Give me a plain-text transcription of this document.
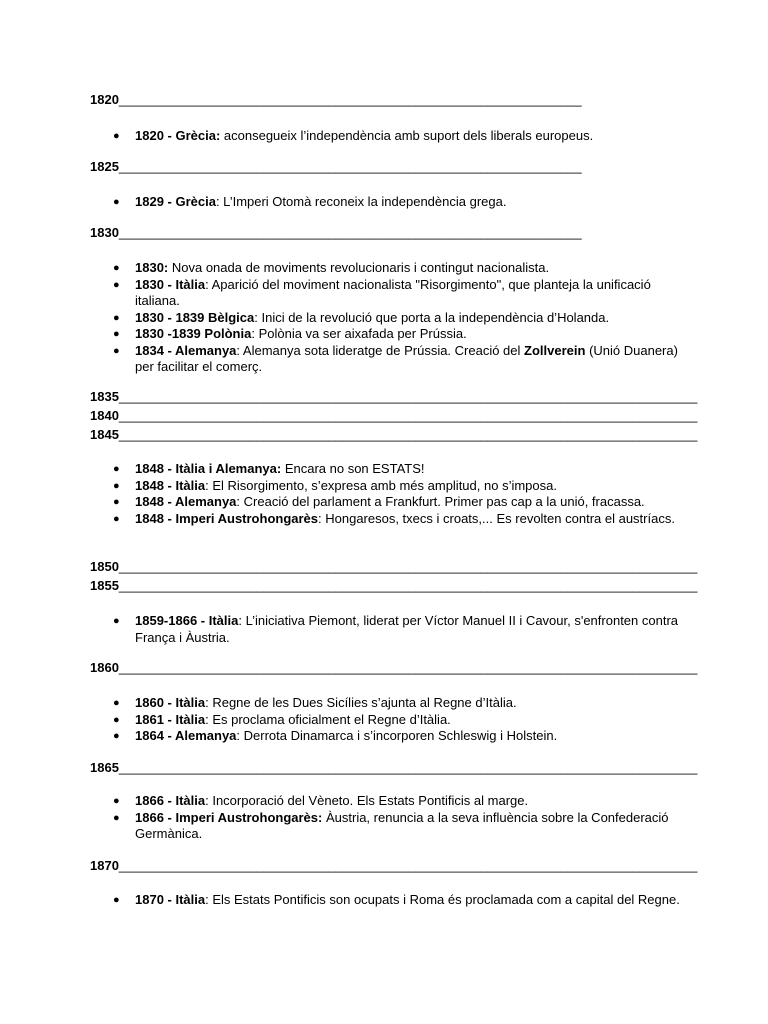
1820________________________________________________________________
● 1820 - Grècia: aconsegueix l’independència amb suport dels liberals europeus.
1825________________________________________________________________
● 1829 - Grècia: L’Imperi Otomà reconeix la independència grega.
1830________________________________________________________________
● 1830: Nova onada de moviments revolucionaris i contingut nacionalista.
● 1830 - Itàlia: Aparició del moviment nacionalista "Risorgimento", que planteja la unificació italiana.
● 1830 - 1839 Bèlgica: Inici de la revolució que porta a la independència d’Holanda.
● 1830 -1839 Polònia: Polònia va ser aixafada per Prússia.
● 1834 - Alemanya: Alemanya sota lideratge de Prússia. Creació del Zollverein (Unió Duanera) per facilitar el comerç.
1835________________________________________________________________________________
1840________________________________________________________________________________
1845________________________________________________________________________________
● 1848 - Itàlia i Alemanya: Encara no son ESTATS!
● 1848 - Itàlia: El Risorgimento, s’expresa amb més amplitud, no s’imposa.
● 1848 - Alemanya: Creació del parlament a Frankfurt. Primer pas cap a la unió, fracassa.
● 1848 - Imperi Austrohongarès: Hongaresos, txecs i croats,... Es revolten contra el austríacs.
1850________________________________________________________________________________
1855________________________________________________________________________________
● 1859-1866 - Itàlia: L’iniciativa Piemont, liderat per Víctor Manuel II i Cavour, s'enfronten contra França i Àustria.
1860________________________________________________________________________________
● 1860 - Itàlia: Regne de les Dues Sicílies s’ajunta al Regne d’Itàlia.
● 1861 - Itàlia: Es proclama oficialment el Regne d’Itàlia.
● 1864 - Alemanya: Derrota Dinamarca i s’incorporen Schleswig i Holstein.
1865________________________________________________________________________________
● 1866 - Itàlia: Incorporació del Vèneto. Els Estats Pontificis al marge.
● 1866 - Imperi Austrohongarès: Àustria, renuncia a la seva influència sobre la Confederació Germànica.
1870________________________________________________________________________________
● 1870 - Itàlia: Els Estats Pontificis son ocupats i Roma és proclamada com a capital del Regne.
